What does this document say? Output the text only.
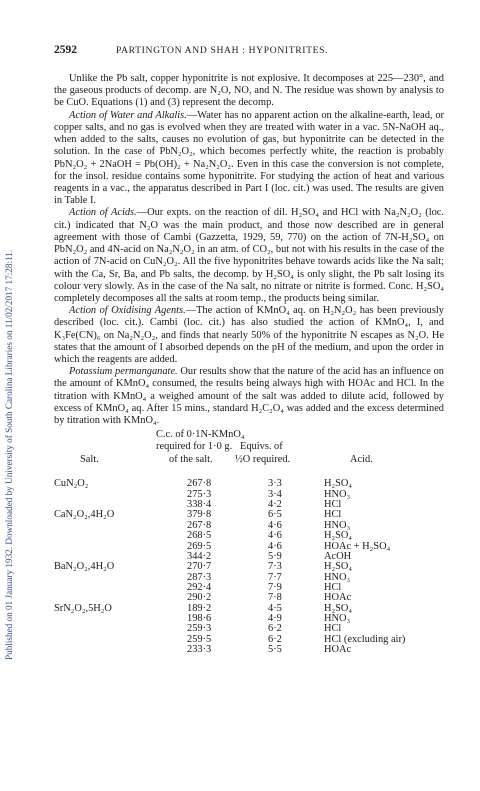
Published on 01 January 1932. Downloaded by University of South Carolina Libraries on 11/02/2017 17:28:11.
2592	PARTINGTON AND SHAH : HYPONITRITES.

Unlike the Pb salt, copper hyponitrite is not explosive. It decomposes at 225—230°, and the gaseous products of decomp. are N₂O, NO, and N. The residue was shown by analysis to be CuO. Equations (1) and (3) represent the decomp.

Action of Water and Alkalis.—Water has no apparent action on the alkaline-earth, lead, or copper salts, and no gas is evolved when they are treated with water in a vac. 5N-NaOH aq., when added to the salts, causes no evolution of gas, but hyponitrite can be detected in the solution. In the case of PbN₂O₂, which becomes perfectly white, the reaction is probably PbN₂O₂ + 2NaOH = Pb(OH)₂ + Na₂N₂O₂. Even in this case the conversion is not complete, for the insol. residue contains some hyponitrite. For studying the action of heat and various reagents in a vac., the apparatus described in Part I (loc. cit.) was used. The results are given in Table I.

Action of Acids.—Our expts. on the reaction of dil. H₂SO₄ and HCl with Na₂N₂O₂ (loc. cit.) indicated that N₂O was the main product, and those now described are in general agreement with those of Cambi (Gazzetta, 1929, 59, 770) on the action of 7N-H₂SO₄ on PbN₂O₂ and 4N-acid on Na₂N₂O₂ in an atm. of CO₂, but not with his results in the case of the action of 7N-acid on CuN₂O₂. All the five hyponitrites behave towards acids like the Na salt; with the Ca, Sr, Ba, and Pb salts, the decomp. by H₂SO₄ is only slight, the Pb salt losing its colour very slowly. As in the case of the Na salt, no nitrate or nitrite is formed. Conc. H₂SO₄ completely decomposes all the salts at room temp., the products being similar.

Action of Oxidising Agents.—The action of KMnO₄ aq. on H₂N₂O₂ has been previously described (loc. cit.). Cambi (loc. cit.) has also studied the action of KMnO₄, I, and K₃Fe(CN)₆ on Na₂N₂O₂, and finds that nearly 50% of the hyponitrite N escapes as N₂O. He states that the amount of I absorbed depends on the pH of the medium, and upon the order in which the reagents are added.

Potassium permanganate. Our results show that the nature of the acid has an influence on the amount of KMnO₄ consumed, the results being always high with HOAc and HCl. In the titration with KMnO₄ a weighed amount of the salt was added to dilute acid, followed by excess of KMnO₄ aq. After 15 mins., standard H₂C₂O₄ was added and the excess determined by titration with KMnO₄.

C.c. of 0·1N-KMnO₄
required for 1·0 g.
Salt.	of the salt.
Equivs. of
½O required.	Acid.
CuN₂O₂	267·8	3·3	H₂SO₄
	275·3	3·4	HNO₃
	338·4	4·2	HCl
CaN₂O₂,4H₂O	379·8	6·5	HCl
	267·8	4·6	HNO₃
	268·5	4·6	H₂SO₄
	269·5	4·6	HOAc + H₂SO₄
	344·2	5·9	AcOH
BaN₂O₂,4H₂O	270·7	7·3	H₂SO₄
	287·3	7·7	HNO₃
	292·4	7·9	HCl
	290·2	7·8	HOAc
SrN₂O₂,5H₂O	189·2	4·5	H₂SO₄
	198·6	4·9	HNO₃
	259·3	6·2	HCl
	259·5	6·2	HCl (excluding air)
	233·3	5·5	HOAc
